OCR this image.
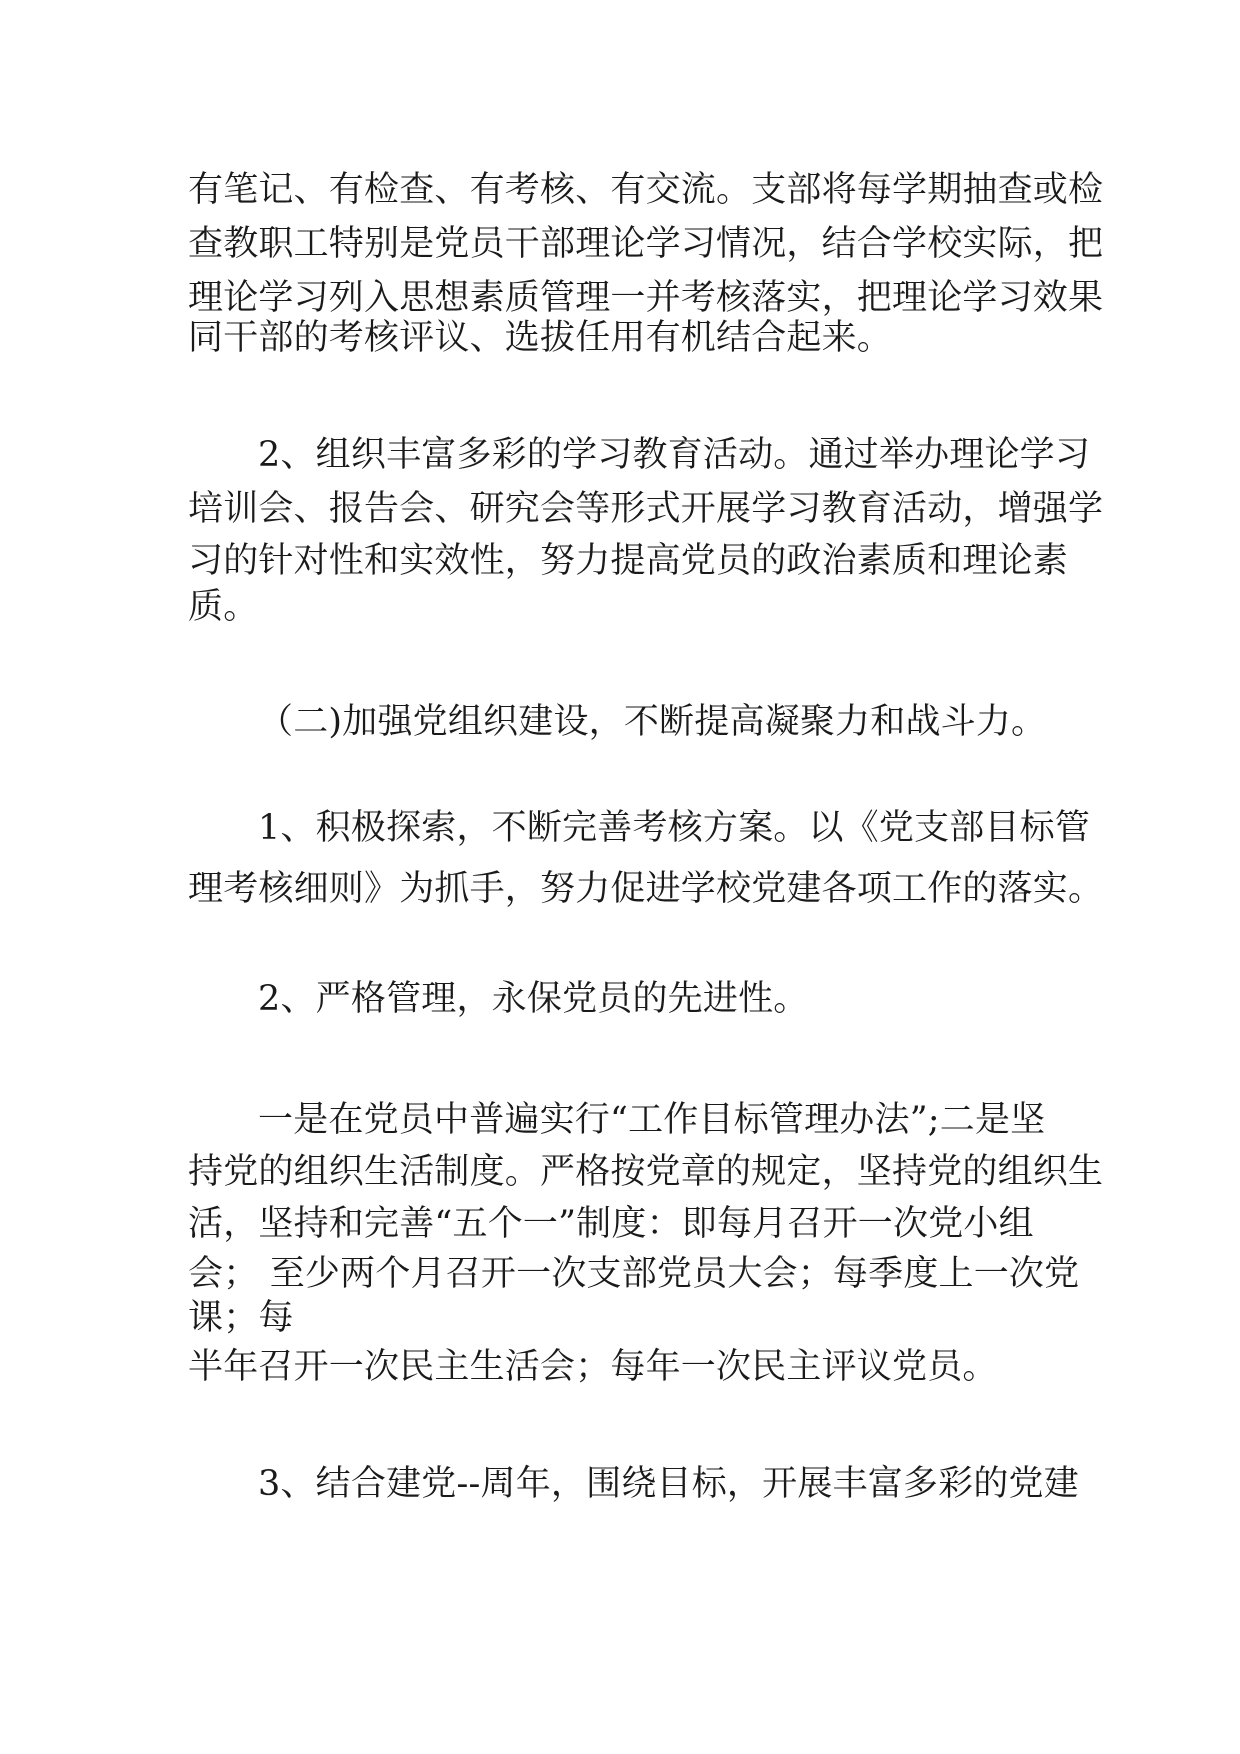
有笔记、有检查、有考核、有交流。支部将每学期抽查或检
查教职工特别是党员干部理论学习情况，结合学校实际，把
理论学习列入思想素质管理一并考核落实，把理论学习效果
同干部的考核评议、选拔任用有机结合起来。
2、组织丰富多彩的学习教育活动。通过举办理论学习
培训会、报告会、研究会等形式开展学习教育活动，增强学
习的针对性和实效性，努力提高党员的政治素质和理论素
质。
（二)加强党组织建设，不断提高凝聚力和战斗力。
1、积极探索，不断完善考核方案。以《党支部目标管
理考核细则》为抓手，努力促进学校党建各项工作的落实。
2、严格管理，永保党员的先进性。
一是在党员中普遍实行“工作目标管理办法”;二是坚
持党的组织生活制度。严格按党章的规定，坚持党的组织生
活，坚持和完善“五个一”制度：即每月召开一次党小组
会； 至少两个月召开一次支部党员大会；每季度上一次党
课；每
半年召开一次民主生活会；每年一次民主评议党员。
3、结合建党--周年，围绕目标，开展丰富多彩的党建
